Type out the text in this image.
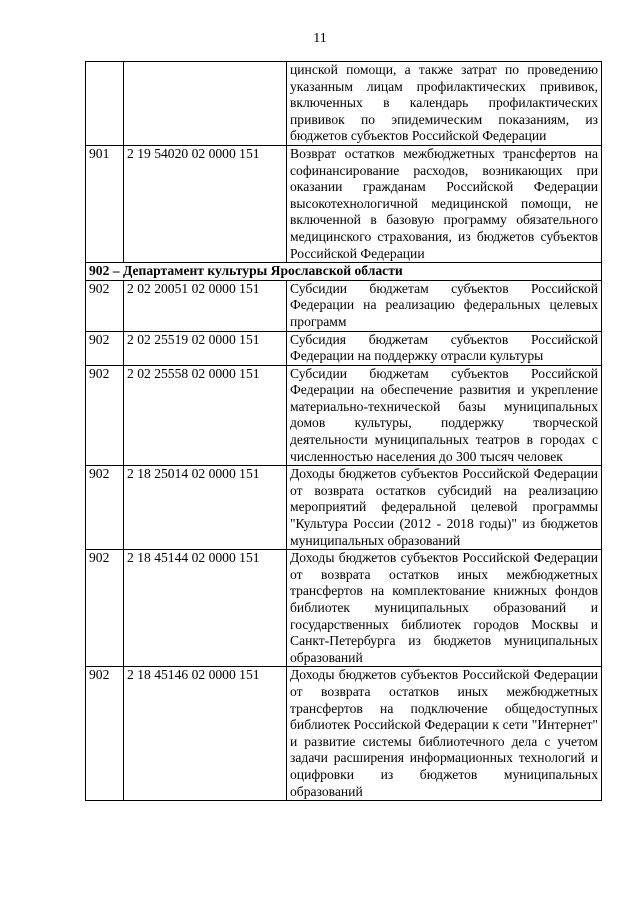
11
		цинской помощи, а также затрат по проведению указанным лицам профилактических прививок, включенных в календарь профилактических прививок по эпидемическим показаниям, из бюджетов субъектов Российской Федерации
901	2 19 54020 02 0000 151	Возврат остатков межбюджетных трансфертов на софинансирование расходов, возникающих при оказании гражданам Российской Федерации высокотехнологичной медицинской помощи, не включенной в базовую программу обязательного медицинского страхования, из бюджетов субъектов Российской Федерации
902 – Департамент культуры Ярославской области		
902	2 02 20051 02 0000 151	Субсидии бюджетам субъектов Российской Федерации на реализацию федеральных целевых программ
902	2 02 25519 02 0000 151	Субсидия бюджетам субъектов Российской Федерации на поддержку отрасли культуры
902	2 02 25558 02 0000 151	Субсидии бюджетам субъектов Российской Федерации на обеспечение развития и укрепление материально-технической базы муниципальных домов культуры, поддержку творческой деятельности муниципальных театров в городах с численностью населения до 300 тысяч человек
902	2 18 25014 02 0000 151	Доходы бюджетов субъектов Российской Федерации от возврата остатков субсидий на реализацию мероприятий федеральной целевой программы "Культура России (2012 - 2018 годы)" из бюджетов муниципальных образований
902	2 18 45144 02 0000 151	Доходы бюджетов субъектов Российской Федерации от возврата остатков иных межбюджетных трансфертов на комплектование книжных фондов библиотек муниципальных образований и государственных библиотек городов Москвы и Санкт-Петербурга из бюджетов муниципальных образований
902	2 18 45146 02 0000 151	Доходы бюджетов субъектов Российской Федерации от возврата остатков иных межбюджетных трансфертов на подключение общедоступных библиотек Российской Федерации к сети "Интернет" и развитие системы библиотечного дела с учетом задачи расширения информационных технологий и оцифровки из бюджетов муниципальных образований
